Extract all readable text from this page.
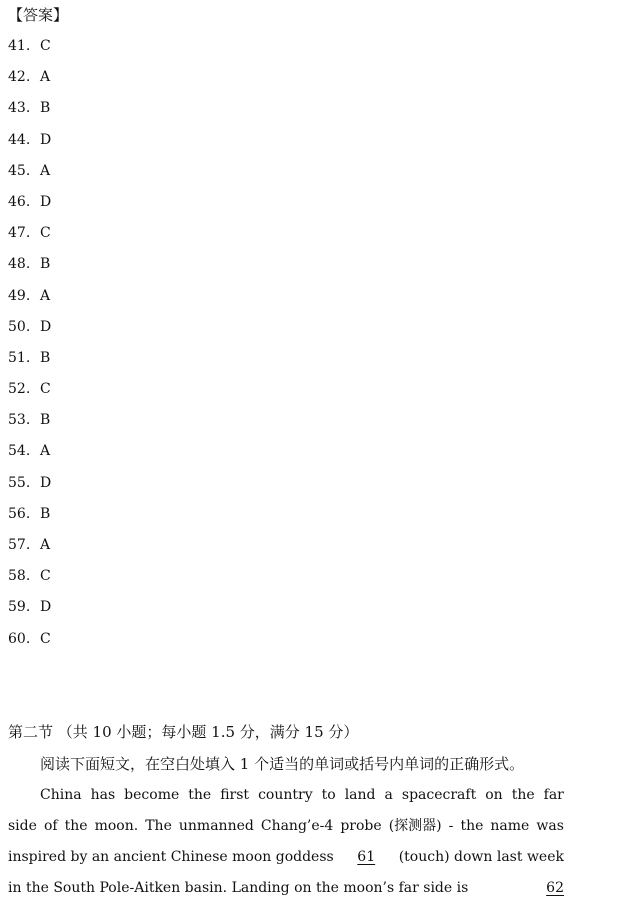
【答案】
41. C
42. A
43. B
44. D
45. A
46. D
47. C
48. B
49. A
50. D
51. B
52. C
53. B
54. A
55. D
56. B
57. A
58. C
59. D
60. C
第二节 （共 10 小题；每小题 1.5 分，满分 15 分）
阅读下面短文，在空白处填入 1 个适当的单词或括号内单词的正确形式。
China has become the first country to land a spacecraft on the far
side of the moon. The unmanned Chang’e-4 probe (探测器) - the name was
inspired by an ancient Chinese moon goddess 61 (touch) down last week
in the South Pole-Aitken basin. Landing on the moon’s far side is	62
